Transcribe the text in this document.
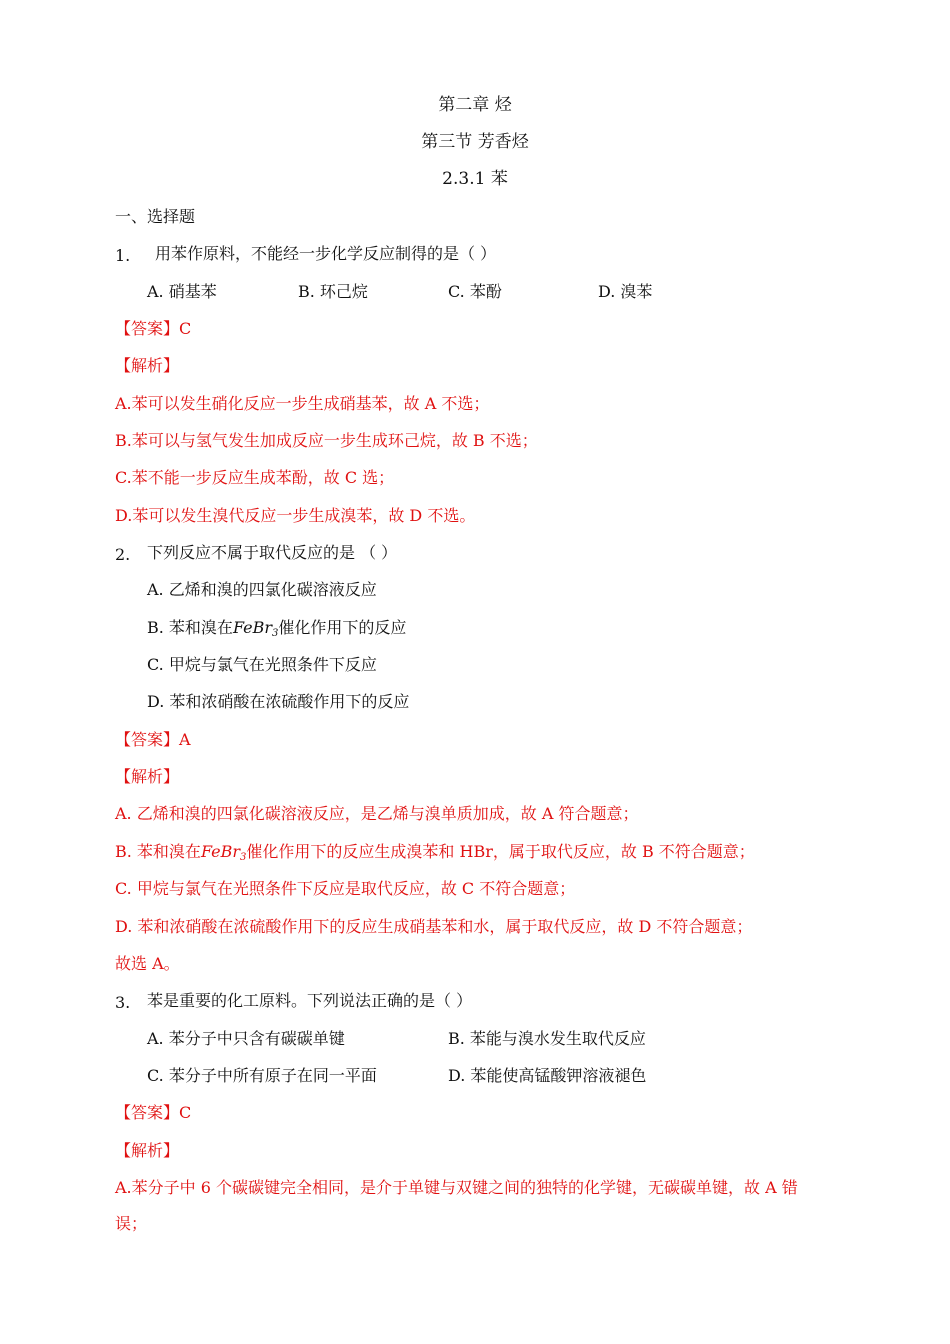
第二章 烃
第三节 芳香烃
2.3.1 苯
一、选择题
1. 用苯作原料，不能经一步化学反应制得的是（ ）
A. 硝基苯	B. 环己烷	C. 苯酚	D. 溴苯
【答案】C
【解析】
A.苯可以发生硝化反应一步生成硝基苯，故 A 不选；
B.苯可以与氢气发生加成反应一步生成环己烷，故 B 不选；
C.苯不能一步反应生成苯酚，故 C 选；
D.苯可以发生溴代反应一步生成溴苯，故 D 不选。
2. 下列反应不属于取代反应的是 （ ）
A. 乙烯和溴的四氯化碳溶液反应
B. 苯和溴在FeBr$_3$催化作用下的反应
C. 甲烷与氯气在光照条件下反应
D. 苯和浓硝酸在浓硫酸作用下的反应
【答案】A
【解析】
A. 乙烯和溴的四氯化碳溶液反应，是乙烯与溴单质加成，故 A 符合题意；
B. 苯和溴在FeBr$_3$催化作用下的反应生成溴苯和 HBr，属于取代反应，故 B 不符合题意；
C. 甲烷与氯气在光照条件下反应是取代反应，故 C 不符合题意；
D. 苯和浓硝酸在浓硫酸作用下的反应生成硝基苯和水，属于取代反应，故 D 不符合题意；
故选 A。
3. 苯是重要的化工原料。下列说法正确的是（ ）
A. 苯分子中只含有碳碳单键	B. 苯能与溴水发生取代反应
C. 苯分子中所有原子在同一平面	D. 苯能使高锰酸钾溶液褪色
【答案】C
【解析】
A.苯分子中 6 个碳碳键完全相同，是介于单键与双键之间的独特的化学键，无碳碳单键，故 A 错
误；
